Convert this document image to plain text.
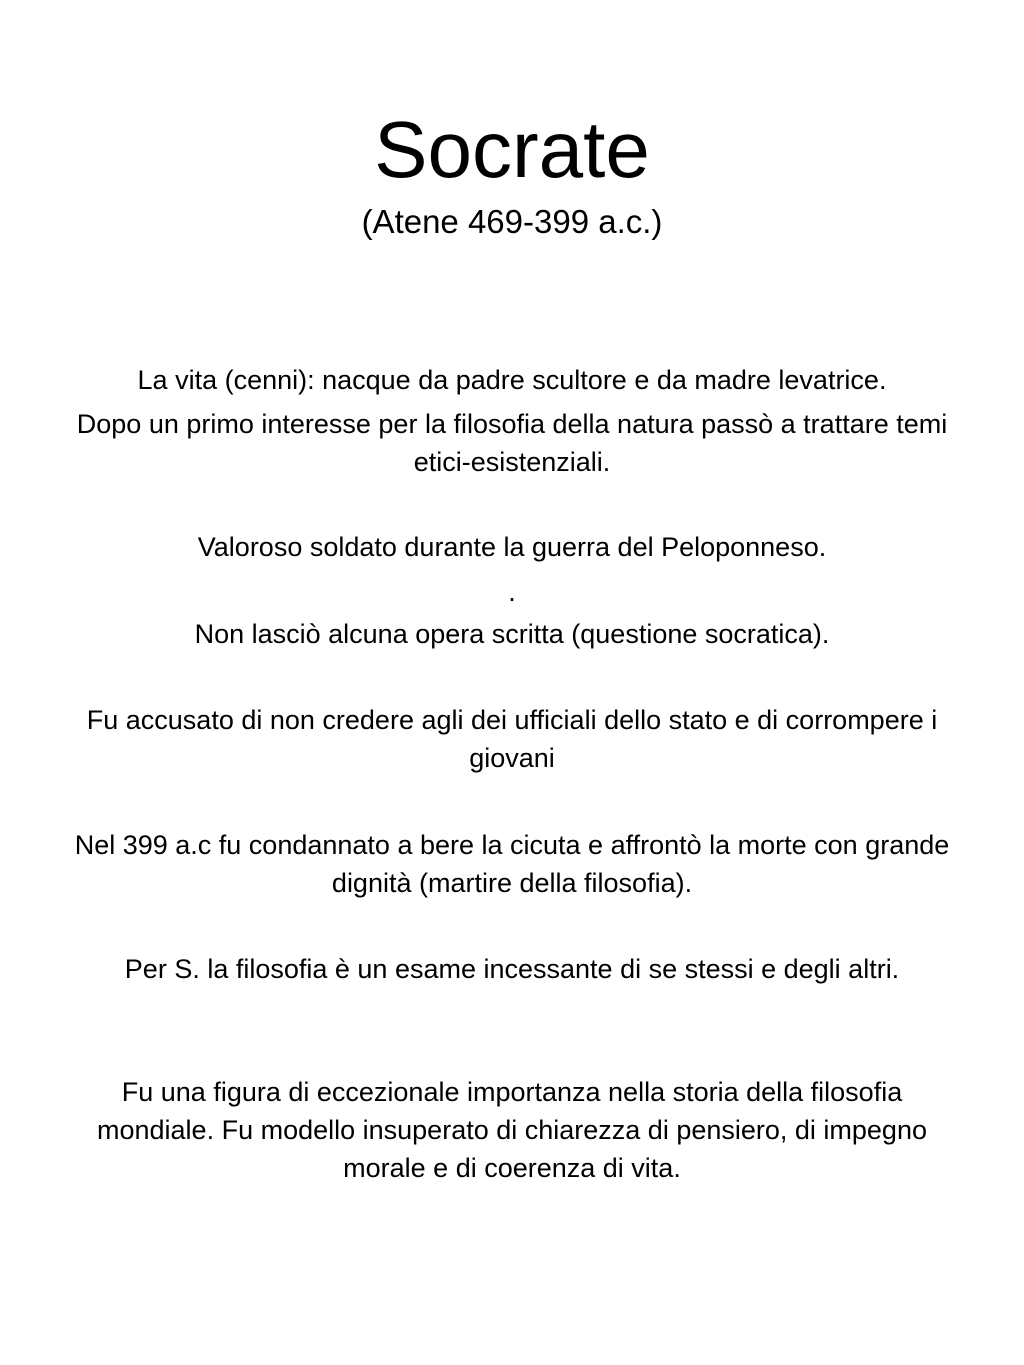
Socrate

(Atene 469-399 a.c.)

La vita (cenni): nacque da padre scultore e da madre levatrice.

Dopo un primo interesse per la filosofia della natura passò a trattare temi etici-esistenziali.

Valoroso soldato durante la guerra del Peloponneso.

.

Non lasciò alcuna opera scritta (questione socratica).

Fu accusato di non credere agli dei ufficiali dello stato e di corrompere i giovani

Nel 399 a.c fu condannato a bere la cicuta e affrontò la morte con grande dignità (martire della filosofia).

Per S. la filosofia è un esame incessante di se stessi e degli altri.

Fu una figura di eccezionale importanza nella storia della filosofia mondiale. Fu modello insuperato di chiarezza di pensiero, di impegno morale e di coerenza di vita.
